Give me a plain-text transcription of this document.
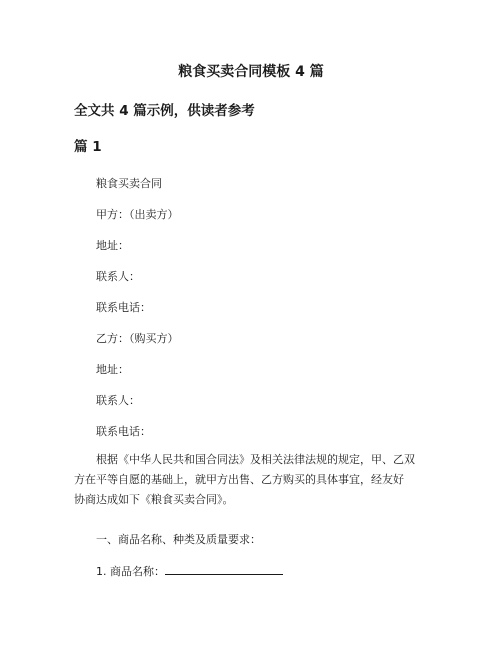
粮食买卖合同模板 4 篇
全文共 4 篇示例，供读者参考
篇 1
粮食买卖合同
甲方：（出卖方）
地址：
联系人：
联系电话：
乙方：（购买方）
地址：
联系人：
联系电话：
根据《中华人民共和国合同法》及相关法律法规的规定，甲、乙双
方在平等自愿的基础上，就甲方出售、乙方购买的具体事宜，经友好
协商达成如下《粮食买卖合同》。
一、商品名称、种类及质量要求：
1. 商品名称：
